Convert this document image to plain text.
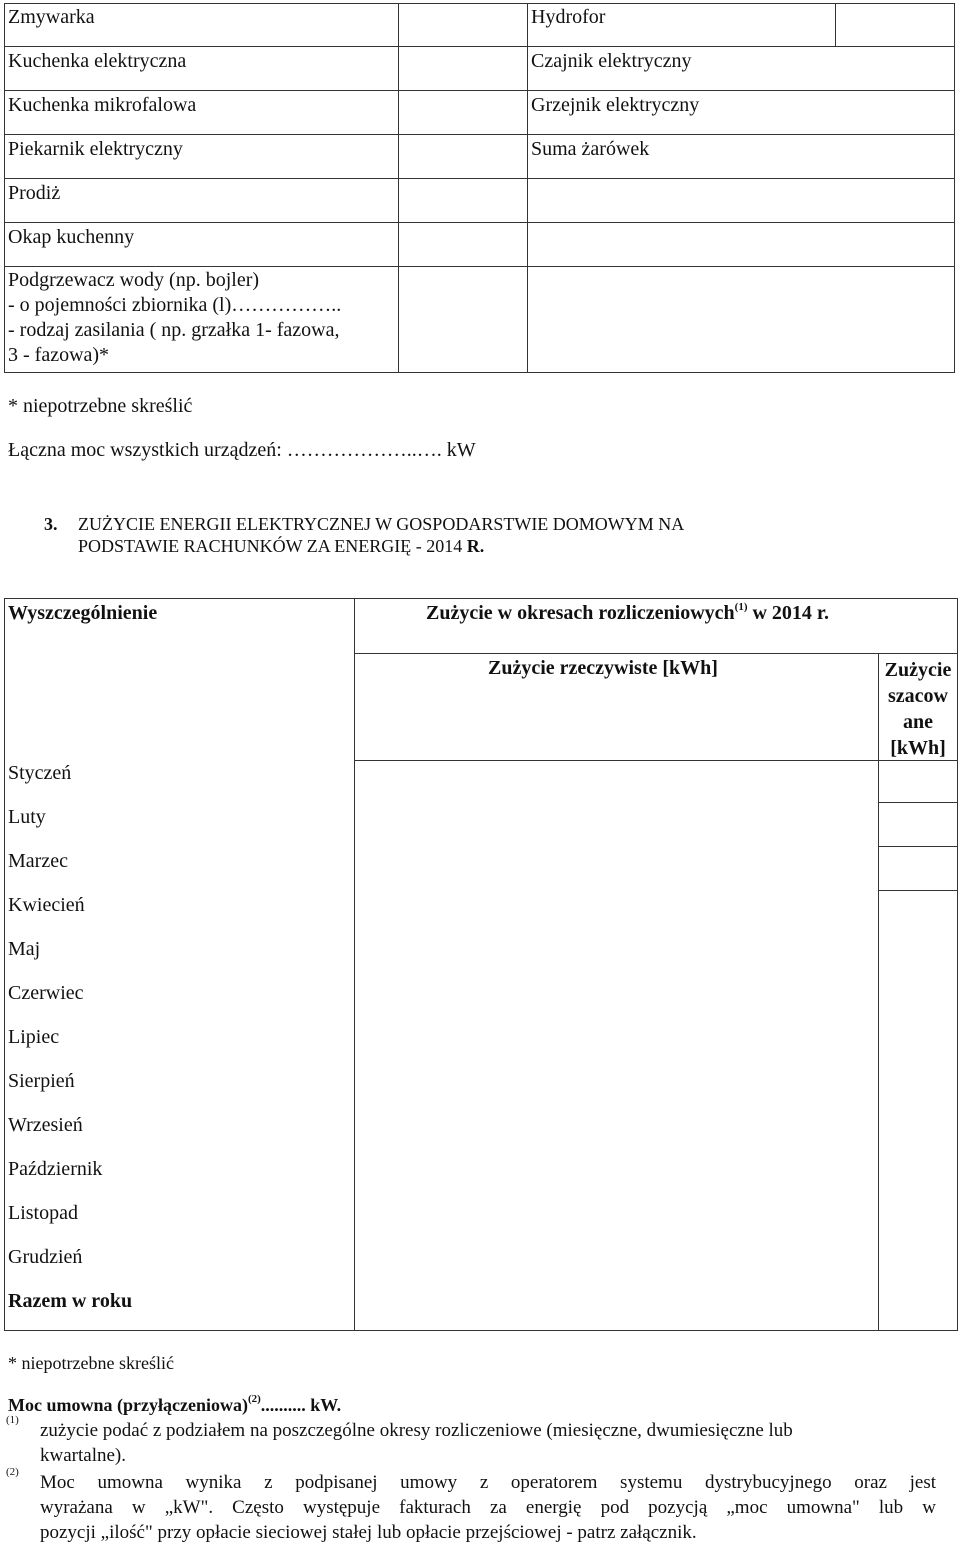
Zmywarka
Kuchenka elektryczna
Kuchenka mikrofalowa
Piekarnik elektryczny
Prodiż
Okap kuchenny
Podgrzewacz wody (np. bojler)
- o pojemności zbiornika (l)……………..
- rodzaj zasilania ( np. grzałka 1- fazowa,
3 - fazowa)*
Hydrofor
Czajnik elektryczny
Grzejnik elektryczny
Suma żarówek
* niepotrzebne skreślić
Łączna moc wszystkich urządzeń: ………………..…. kW
3. ZUŻYCIE ENERGII ELEKTRYCZNEJ W GOSPODARSTWIE DOMOWYM NA
PODSTAWIE RACHUNKÓW ZA ENERGIĘ - 2014 R.
Wyszczególnienie	Zużycie w okresach rozliczeniowych$^{(1)}$ w 2014 r.
Zużycie rzeczywiste [kWh]	Zużycie
szacow
ane
[kWh]
Styczeń
Luty
Marzec
Kwiecień
Maj
Czerwiec
Lipiec
Sierpień
Wrzesień
Październik
Listopad
Grudzień
Razem w roku
* niepotrzebne skreślić
Moc umowna (przyłączeniowa)$^{(2)}$.......... kW.
(1) zużycie podać z podziałem na poszczególne okresy rozliczeniowe (miesięczne, dwumiesięczne lub
kwartalne).
(2) Moc umowna wynika z podpisanej umowy z operatorem systemu dystrybucyjnego oraz jest
wyrażana w „kW". Często występuje fakturach za energię pod pozycją „moc umowna" lub w
pozycji „ilość" przy opłacie sieciowej stałej lub opłacie przejściowej - patrz załącznik.
